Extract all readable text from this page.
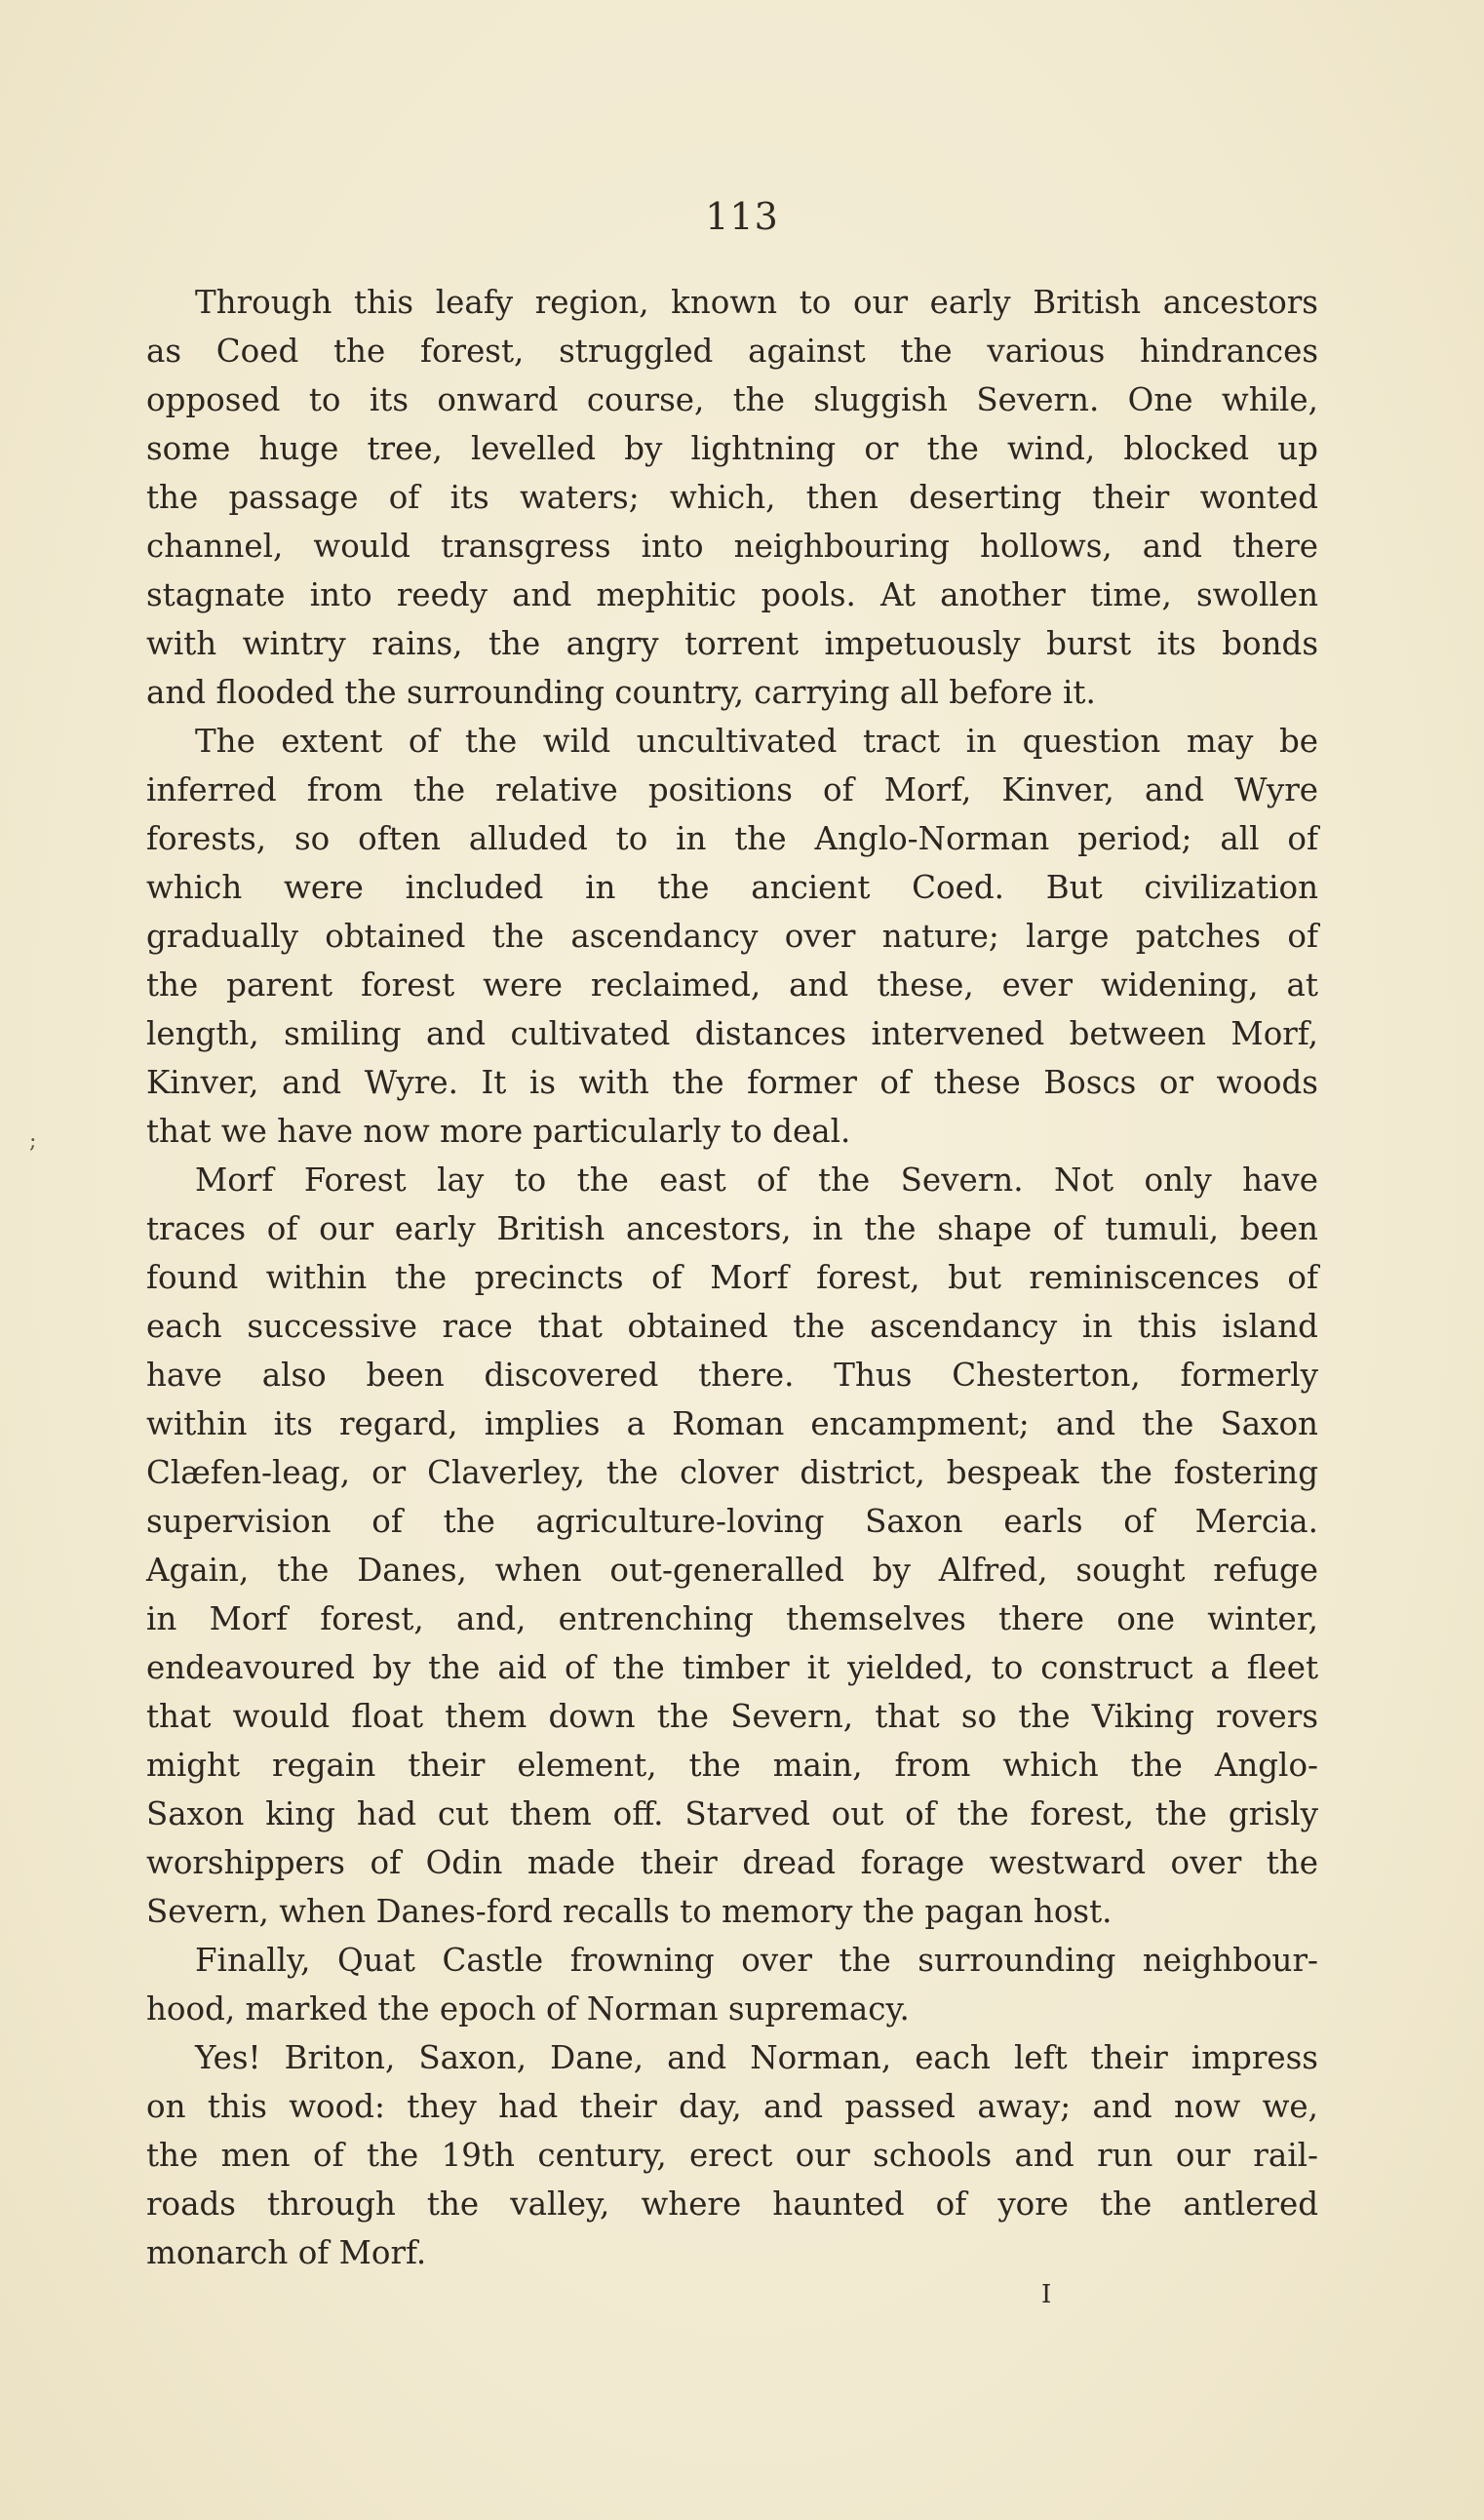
113
Through this leafy region, known to our early British ancestors
as Coed the forest, struggled against the various hindrances
opposed to its onward course, the sluggish Severn. One while,
some huge tree, levelled by lightning or the wind, blocked up
the passage of its waters; which, then deserting their wonted
channel, would transgress into neighbouring hollows, and there
stagnate into reedy and mephitic pools. At another time, swollen
with wintry rains, the angry torrent impetuously burst its bonds
and flooded the surrounding country, carrying all before it.
The extent of the wild uncultivated tract in question may be
inferred from the relative positions of Morf, Kinver, and Wyre
forests, so often alluded to in the Anglo-Norman period; all of
which were included in the ancient Coed. But civilization
gradually obtained the ascendancy over nature; large patches of
the parent forest were reclaimed, and these, ever widening, at
length, smiling and cultivated distances intervened between Morf,
Kinver, and Wyre. It is with the former of these Boscs or woods
that we have now more particularly to deal.
Morf Forest lay to the east of the Severn. Not only have
traces of our early British ancestors, in the shape of tumuli, been
found within the precincts of Morf forest, but reminiscences of
each successive race that obtained the ascendancy in this island
have also been discovered there. Thus Chesterton, formerly
within its regard, implies a Roman encampment; and the Saxon
Clæfen-leag, or Claverley, the clover district, bespeak the fostering
supervision of the agriculture-loving Saxon earls of Mercia.
Again, the Danes, when out-generalled by Alfred, sought refuge
in Morf forest, and, entrenching themselves there one winter,
endeavoured by the aid of the timber it yielded, to construct a fleet
that would float them down the Severn, that so the Viking rovers
might regain their element, the main, from which the Anglo-
Saxon king had cut them off. Starved out of the forest, the grisly
worshippers of Odin made their dread forage westward over the
Severn, when Danes-ford recalls to memory the pagan host.
Finally, Quat Castle frowning over the surrounding neighbour-
hood, marked the epoch of Norman supremacy.
Yes! Briton, Saxon, Dane, and Norman, each left their impress
on this wood: they had their day, and passed away; and now we,
the men of the 19th century, erect our schools and run our rail-
roads through the valley, where haunted of yore the antlered
monarch of Morf.
;
I
